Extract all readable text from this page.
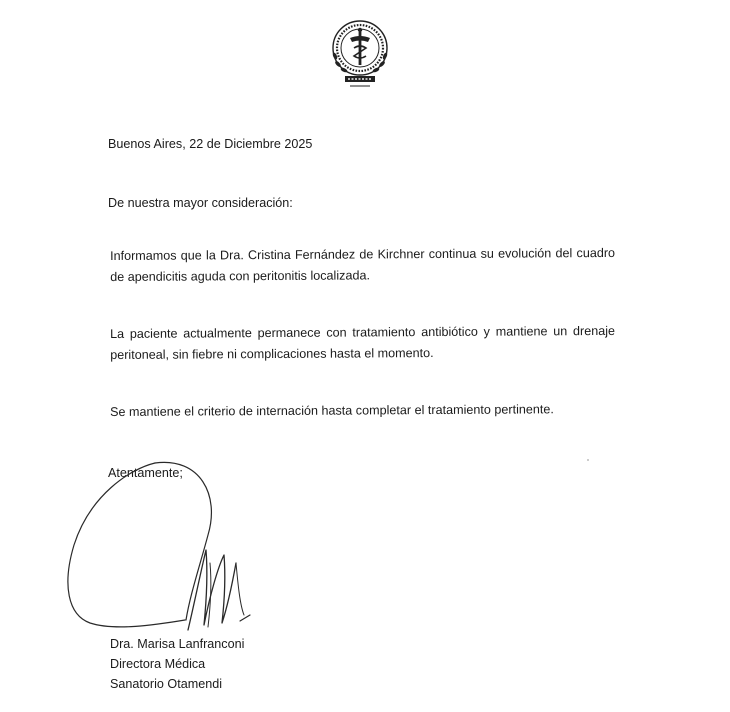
Buenos Aires, 22 de Diciembre 2025
De nuestra mayor consideración:
Informamos que la Dra. Cristina Fernández de Kirchner continua su evolución del cuadro de apendicitis aguda con peritonitis localizada.
La paciente actualmente permanece con tratamiento antibiótico y mantiene un drenaje peritoneal, sin fiebre ni complicaciones hasta el momento.
Se mantiene el criterio de internación hasta completar el tratamiento pertinente.
Atentamente;
Dra. Marisa Lanfranconi
Directora Médica
Sanatorio Otamendi
